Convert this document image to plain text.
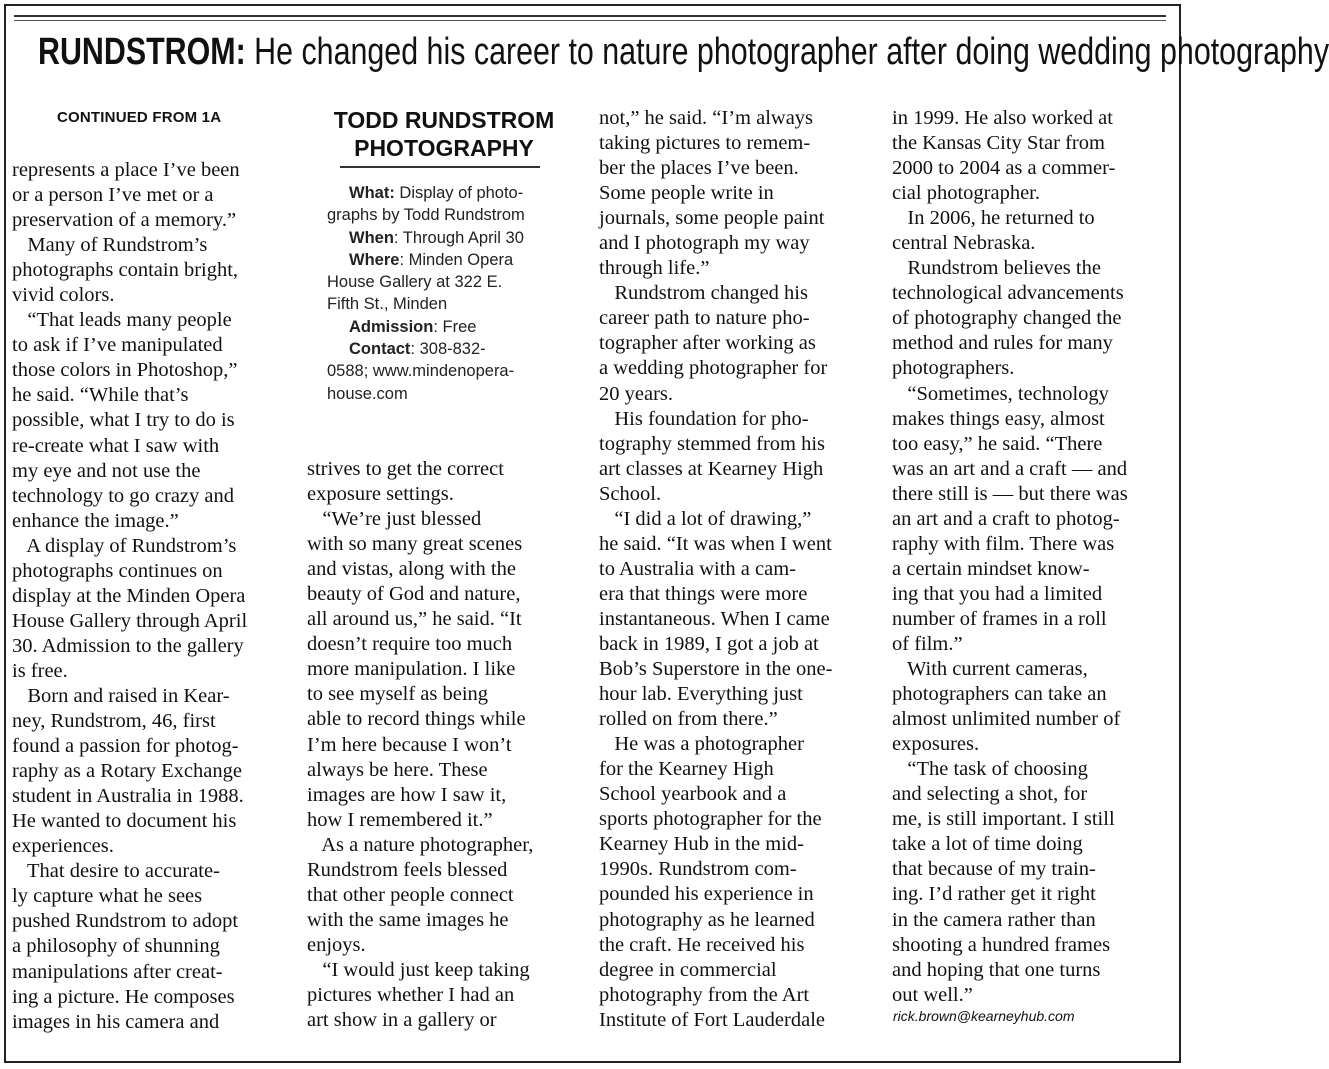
RUNDSTROM: He changed his career to nature photographer after doing wedding photography
CONTINUED FROM 1A

represents a place I’ve been

or a person I’ve met or a

preservation of a memory.”

Many of Rundstrom’s

photographs contain bright,

vivid colors.

“That leads many people

to ask if I’ve manipulated

those colors in Photoshop,”

he said. “While that’s

possible, what I try to do is

re-create what I saw with

my eye and not use the

technology to go crazy and

enhance the image.”

A display of Rundstrom’s

photographs continues on

display at the Minden Opera

House Gallery through April

30. Admission to the gallery

is free.

Born and raised in Kear-

ney, Rundstrom, 46, first

found a passion for photog-

raphy as a Rotary Exchange

student in Australia in 1988.

He wanted to document his

experiences.

That desire to accurate-

ly capture what he sees

pushed Rundstrom to adopt

a philosophy of shunning

manipulations after creat-

ing a picture. He composes

images in his camera and

TODD RUNDSTROM
PHOTOGRAPHY

What: Display of photo-

graphs by Todd Rundstrom

When: Through April 30

Where: Minden Opera

House Gallery at 322 E.

Fifth St., Minden

Admission: Free

Contact: 308-832-

0588; www.mindenopera-

house.com

strives to get the correct

exposure settings.

“We’re just blessed

with so many great scenes

and vistas, along with the

beauty of God and nature,

all around us,” he said. “It

doesn’t require too much

more manipulation. I like

to see myself as being

able to record things while

I’m here because I won’t

always be here. These

images are how I saw it,

how I remembered it.”

As a nature photographer,

Rundstrom feels blessed

that other people connect

with the same images he

enjoys.

“I would just keep taking

pictures whether I had an

art show in a gallery or

not,” he said. “I’m always

taking pictures to remem-

ber the places I’ve been.

Some people write in

journals, some people paint

and I photograph my way

through life.”

Rundstrom changed his

career path to nature pho-

tographer after working as

a wedding photographer for

20 years.

His foundation for pho-

tography stemmed from his

art classes at Kearney High

School.

“I did a lot of drawing,”

he said. “It was when I went

to Australia with a cam-

era that things were more

instantaneous. When I came

back in 1989, I got a job at

Bob’s Superstore in the one-

hour lab. Everything just

rolled on from there.”

He was a photographer

for the Kearney High

School yearbook and a

sports photographer for the

Kearney Hub in the mid-

1990s. Rundstrom com-

pounded his experience in

photography as he learned

the craft. He received his

degree in commercial

photography from the Art

Institute of Fort Lauderdale

in 1999. He also worked at

the Kansas City Star from

2000 to 2004 as a commer-

cial photographer.

In 2006, he returned to

central Nebraska.

Rundstrom believes the

technological advancements

of photography changed the

method and rules for many

photographers.

“Sometimes, technology

makes things easy, almost

too easy,” he said. “There

was an art and a craft — and

there still is — but there was

an art and a craft to photog-

raphy with film. There was

a certain mindset know-

ing that you had a limited

number of frames in a roll

of film.”

With current cameras,

photographers can take an

almost unlimited number of

exposures.

“The task of choosing

and selecting a shot, for

me, is still important. I still

take a lot of time doing

that because of my train-

ing. I’d rather get it right

in the camera rather than

shooting a hundred frames

and hoping that one turns

out well.”

rick.brown@kearneyhub.com
